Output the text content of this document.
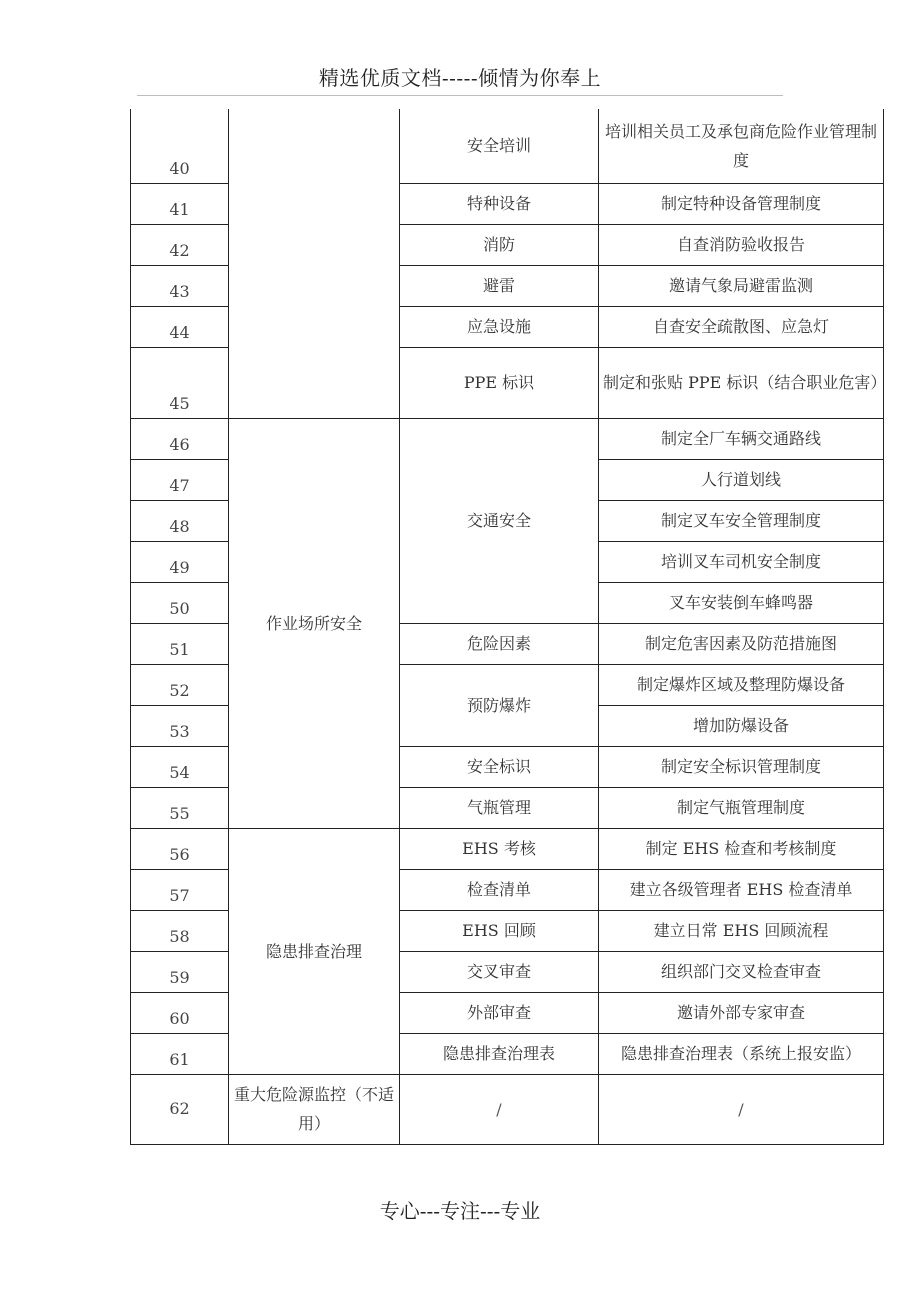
精选优质文档-----倾情为你奉上
40		安全培训	培训相关员工及承包商危险作业管理制度
41		特种设备	制定特种设备管理制度
42		消防	自查消防验收报告
43		避雷	邀请气象局避雷监测
44		应急设施	自查安全疏散图、应急灯
45		PPE 标识	制定和张贴 PPE 标识（结合职业危害）
46	作业场所安全	交通安全	制定全厂车辆交通路线
47			人行道划线
48			制定叉车安全管理制度
49			培训叉车司机安全制度
50			叉车安装倒车蜂鸣器
51		危险因素	制定危害因素及防范措施图
52		预防爆炸	制定爆炸区域及整理防爆设备
53			增加防爆设备
54		安全标识	制定安全标识管理制度
55		气瓶管理	制定气瓶管理制度
56	隐患排查治理	EHS 考核	制定 EHS 检查和考核制度
57		检查清单	建立各级管理者 EHS 检查清单
58		EHS 回顾	建立日常 EHS 回顾流程
59		交叉审查	组织部门交叉检查审查
60		外部审查	邀请外部专家审查
61		隐患排查治理表	隐患排查治理表（系统上报安监）
62	重大危险源监控（不适用）	/	/
专心---专注---专业
